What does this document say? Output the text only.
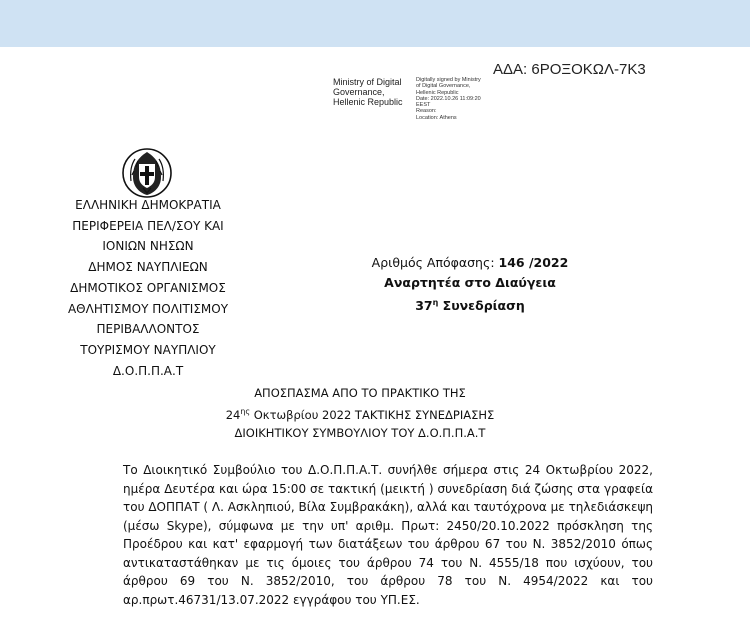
ΑΔΑ: 6ΡΟΞΟΚΩΛ-7Κ3
Ministry of Digital
Governance,
Hellenic Republic
Digitally signed by Ministry
of Digital Governance,
Hellenic Republic
Date: 2022.10.26 11:09:20
EEST
Reason:
Location: Athens
ΕΛΛΗΝΙΚΗ ΔΗΜΟΚΡΑΤΙΑ
ΠΕΡΙΦΕΡΕΙΑ ΠΕΛ/ΣΟΥ ΚΑΙ
ΙΟΝΙΩΝ ΝΗΣΩΝ
ΔΗΜΟΣ ΝΑΥΠΛΙΕΩΝ
ΔΗΜΟΤΙΚΟΣ ΟΡΓΑΝΙΣΜΟΣ
ΑΘΛΗΤΙΣΜΟΥ ΠΟΛΙΤΙΣΜΟΥ
ΠΕΡΙΒΑΛΛΟΝΤΟΣ
ΤΟΥΡΙΣΜΟΥ ΝΑΥΠΛΙΟΥ
Δ.Ο.Π.Π.Α.Τ
Αριθμός Απόφασης: 146 /2022
Αναρτητέα στο Διαύγεια
$37^\eta$ Συνεδρίαση
ΑΠΟΣΠΑΣΜΑ ΑΠΟ ΤΟ ΠΡΑΚΤΙΚΟ ΤΗΣ
$24^{\eta\varsigma}$ Οκτωβρίου 2022 ΤΑΚΤΙΚΗΣ ΣΥΝΕΔΡΙΑΣΗΣ
ΔΙΟΙΚΗΤΙΚΟΥ ΣΥΜΒΟΥΛΙΟΥ ΤΟΥ Δ.Ο.Π.Π.Α.Τ
Το Διοικητικό Συμβούλιο του Δ.Ο.Π.Π.Α.Τ. συνήλθε σήμερα στις 24 Οκτωβρίου 2022, ημέρα Δευτέρα και ώρα 15:00 σε τακτική (μεικτή ) συνεδρίαση διά ζώσης στα γραφεία του ΔΟΠΠΑΤ ( Λ. Ασκληπιού, Βίλα Συμβρακάκη), αλλά και ταυτόχρονα με τηλεδιάσκεψη (μέσω Skype), σύμφωνα με την υπ' αριθμ. Πρωτ: 2450/20.10.2022 πρόσκληση της Προέδρου και κατ' εφαρμογή των διατάξεων του άρθρου 67 του Ν. 3852/2010 όπως αντικαταστάθηκαν με τις όμοιες του άρθρου 74 του Ν. 4555/18 που ισχύουν, του άρθρου 69 του Ν. 3852/2010, του άρθρου 78 του Ν. 4954/2022 και του αρ.πρωτ.46731/13.07.2022 εγγράφου του ΥΠ.ΕΣ.
